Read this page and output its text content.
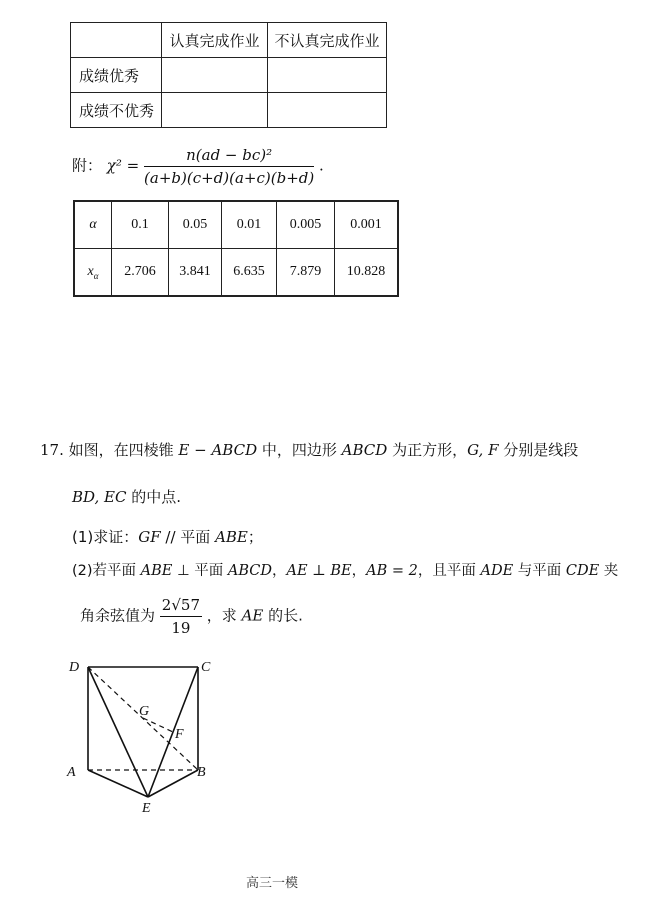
	认真完成作业	不认真完成作业
成绩优秀		
成绩不优秀		
附： $\chi^2 = \frac{\text{n(ad − bc)²}}{(a+b)(c+d)(a+c)(b+d)}$ .
α	0.1	0.05	0.01	0.005	0.001
$x_\alpha$	2.706	3.841	6.635	7.879	10.828
17. 如图，在四棱锥 E − ABCD 中，四边形 ABCD 为正方形，G, F 分别是线段
BD, EC 的中点.
(1)求证：GF // 平面 ABE；
(2)若平面 ABE ⊥ 平面 ABCD，AE ⊥ BE，AB = 2，且平面 ADE 与平面 CDE 夹
角余弦值为 $\frac{2√57}{19}$ ，求 AE 的长.
D	C
G
F
A	B
E
高三一模
